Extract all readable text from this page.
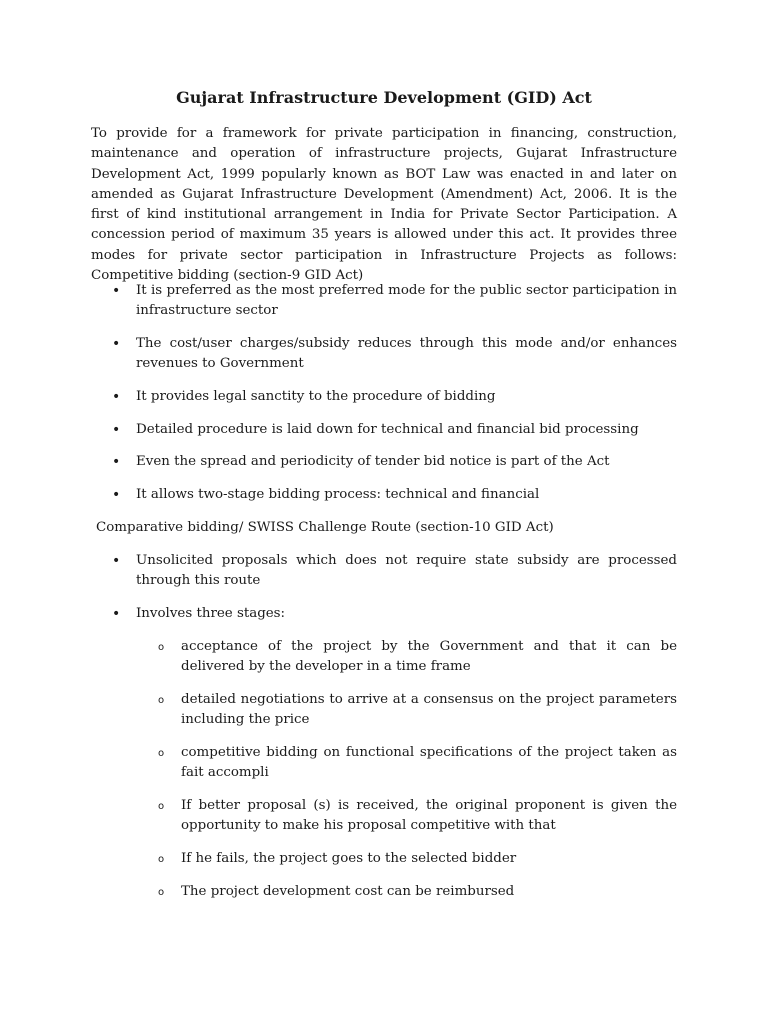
Gujarat Infrastructure Development (GID) Act

To provide for a framework for private participation in financing, construction, maintenance and operation of infrastructure projects, Gujarat Infrastructure Development Act, 1999 popularly known as BOT Law was enacted in and later on amended as Gujarat Infrastructure Development (Amendment) Act, 2006. It is the first of kind institutional arrangement in India for Private Sector Participation. A concession period of maximum 35 years is allowed under this act. It provides three modes for private sector participation in Infrastructure Projects as follows: Competitive bidding (section-9 GID Act)

• It is preferred as the most preferred mode for the public sector participation in infrastructure sector
• The cost/user charges/subsidy reduces through this mode and/or enhances revenues to Government
• It provides legal sanctity to the procedure of bidding
• Detailed procedure is laid down for technical and financial bid processing
• Even the spread and periodicity of tender bid notice is part of the Act
• It allows two-stage bidding process: technical and financial

Comparative bidding/ SWISS Challenge Route (section-10 GID Act)

• Unsolicited proposals which does not require state subsidy are processed through this route
• Involves three stages:
o acceptance of the project by the Government and that it can be delivered by the developer in a time frame
o detailed negotiations to arrive at a consensus on the project parameters including the price
o competitive bidding on functional specifications of the project taken as fait accompli
o If better proposal (s) is received, the original proponent is given the opportunity to make his proposal competitive with that
o If he fails, the project goes to the selected bidder
o The project development cost can be reimbursed
